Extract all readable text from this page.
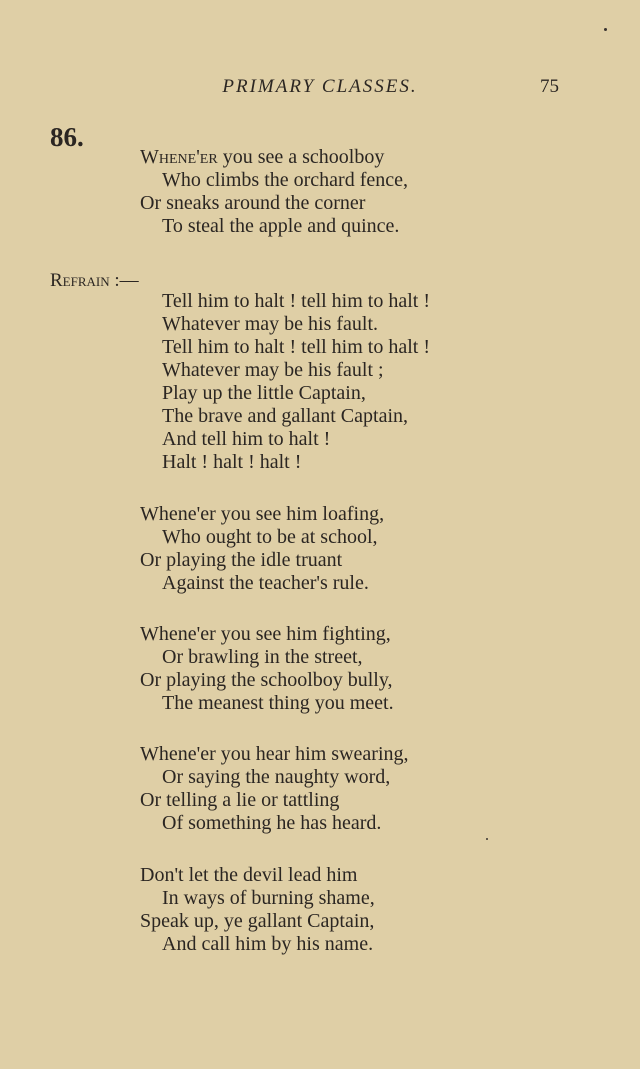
PRIMARY CLASSES.	75
86.
Whene'er you see a schoolboy
Who climbs the orchard fence,
Or sneaks around the corner
To steal the apple and quince.
Refrain :—
Tell him to halt ! tell him to halt !
Whatever may be his fault.
Tell him to halt ! tell him to halt !
Whatever may be his fault ;
Play up the little Captain,
The brave and gallant Captain,
And tell him to halt !
Halt ! halt ! halt !
Whene'er you see him loafing,
Who ought to be at school,
Or playing the idle truant
Against the teacher's rule.
Whene'er you see him fighting,
Or brawling in the street,
Or playing the schoolboy bully,
The meanest thing you meet.
Whene'er you hear him swearing,
Or saying the naughty word,
Or telling a lie or tattling
Of something he has heard.
Don't let the devil lead him
In ways of burning shame,
Speak up, ye gallant Captain,
And call him by his name.
